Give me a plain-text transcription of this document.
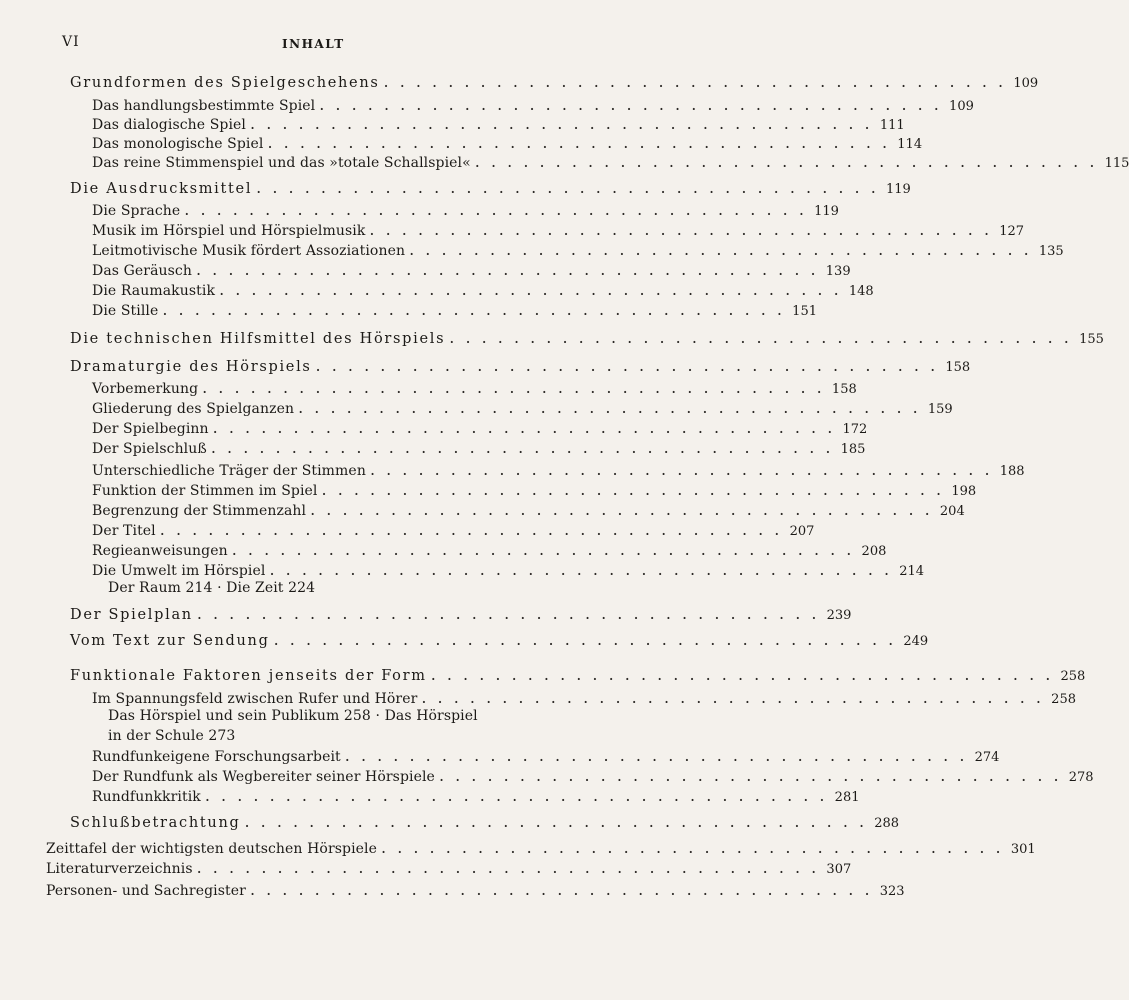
VI	INHALT
Grundformen des Spielgeschehens . . . . . . . . . . . . . . . . . . . . . . . . . . . . . . . . . . . . . . . 109
Das handlungsbestimmte Spiel . . . . . . . . . . . . . . . . . . . . . . . . . . . . . . . . . . . . . . . 109
Das dialogische Spiel . . . . . . . . . . . . . . . . . . . . . . . . . . . . . . . . . . . . . . . 111
Das monologische Spiel . . . . . . . . . . . . . . . . . . . . . . . . . . . . . . . . . . . . . . . 114
Das reine Stimmenspiel und das »totale Schallspiel« . . . . . . . . . . . . . . . . . . . . . . . . . . . . . . . . . . . . . . . 115
Die Ausdrucksmittel . . . . . . . . . . . . . . . . . . . . . . . . . . . . . . . . . . . . . . . 119
Die Sprache . . . . . . . . . . . . . . . . . . . . . . . . . . . . . . . . . . . . . . . 119
Musik im Hörspiel und Hörspielmusik . . . . . . . . . . . . . . . . . . . . . . . . . . . . . . . . . . . . . . . 127
Leitmotivische Musik fördert Assoziationen . . . . . . . . . . . . . . . . . . . . . . . . . . . . . . . . . . . . . . . 135
Das Geräusch . . . . . . . . . . . . . . . . . . . . . . . . . . . . . . . . . . . . . . . 139
Die Raumakustik . . . . . . . . . . . . . . . . . . . . . . . . . . . . . . . . . . . . . . . 148
Die Stille . . . . . . . . . . . . . . . . . . . . . . . . . . . . . . . . . . . . . . . 151
Die technischen Hilfsmittel des Hörspiels . . . . . . . . . . . . . . . . . . . . . . . . . . . . . . . . . . . . . . . 155
Dramaturgie des Hörspiels . . . . . . . . . . . . . . . . . . . . . . . . . . . . . . . . . . . . . . . 158
Vorbemerkung . . . . . . . . . . . . . . . . . . . . . . . . . . . . . . . . . . . . . . . 158
Gliederung des Spielganzen . . . . . . . . . . . . . . . . . . . . . . . . . . . . . . . . . . . . . . . 159
Der Spielbeginn . . . . . . . . . . . . . . . . . . . . . . . . . . . . . . . . . . . . . . . 172
Der Spielschluß . . . . . . . . . . . . . . . . . . . . . . . . . . . . . . . . . . . . . . . 185
Unterschiedliche Träger der Stimmen . . . . . . . . . . . . . . . . . . . . . . . . . . . . . . . . . . . . . . . 188
Funktion der Stimmen im Spiel . . . . . . . . . . . . . . . . . . . . . . . . . . . . . . . . . . . . . . . 198
Begrenzung der Stimmenzahl . . . . . . . . . . . . . . . . . . . . . . . . . . . . . . . . . . . . . . . 204
Der Titel . . . . . . . . . . . . . . . . . . . . . . . . . . . . . . . . . . . . . . . 207
Regieanweisungen . . . . . . . . . . . . . . . . . . . . . . . . . . . . . . . . . . . . . . . 208
Die Umwelt im Hörspiel . . . . . . . . . . . . . . . . . . . . . . . . . . . . . . . . . . . . . . . 214
Der Raum 214 · Die Zeit 224
Der Spielplan . . . . . . . . . . . . . . . . . . . . . . . . . . . . . . . . . . . . . . . 239
Vom Text zur Sendung . . . . . . . . . . . . . . . . . . . . . . . . . . . . . . . . . . . . . . . 249
Funktionale Faktoren jenseits der Form . . . . . . . . . . . . . . . . . . . . . . . . . . . . . . . . . . . . . . . 258
Im Spannungsfeld zwischen Rufer und Hörer . . . . . . . . . . . . . . . . . . . . . . . . . . . . . . . . . . . . . . . 258
Das Hörspiel und sein Publikum 258 · Das Hörspiel
in der Schule 273
Rundfunkeigene Forschungsarbeit . . . . . . . . . . . . . . . . . . . . . . . . . . . . . . . . . . . . . . . 274
Der Rundfunk als Wegbereiter seiner Hörspiele . . . . . . . . . . . . . . . . . . . . . . . . . . . . . . . . . . . . . . . 278
Rundfunkkritik . . . . . . . . . . . . . . . . . . . . . . . . . . . . . . . . . . . . . . . 281
Schlußbetrachtung . . . . . . . . . . . . . . . . . . . . . . . . . . . . . . . . . . . . . . . 288
Zeittafel der wichtigsten deutschen Hörspiele . . . . . . . . . . . . . . . . . . . . . . . . . . . . . . . . . . . . . . . 301
Literaturverzeichnis . . . . . . . . . . . . . . . . . . . . . . . . . . . . . . . . . . . . . . . 307
Personen- und Sachregister . . . . . . . . . . . . . . . . . . . . . . . . . . . . . . . . . . . . . . . 323
